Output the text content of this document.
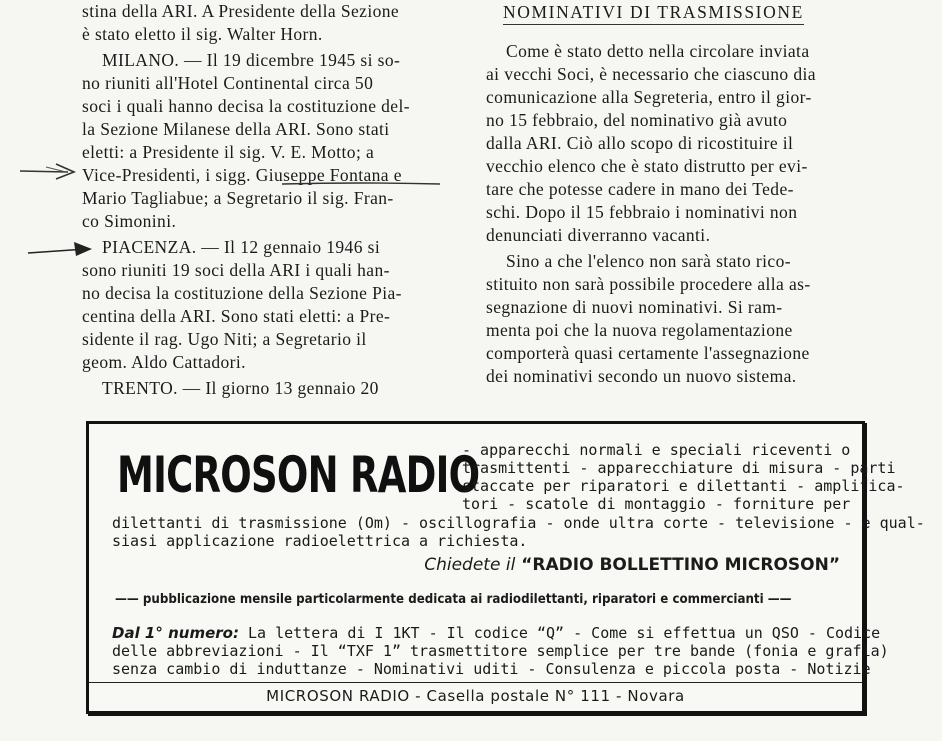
stina della ARI. A Presidente della Sezione
è stato eletto il sig. Walter Horn.
MILANO. — Il 19 dicembre 1945 si so-
no riuniti all'Hotel Continental circa 50
soci i quali hanno decisa la costituzione del-
la Sezione Milanese della ARI. Sono stati
eletti: a Presidente il sig. V. E. Motto; a
Vice-Presidenti, i sigg. Giuseppe Fontana e
Mario Tagliabue; a Segretario il sig. Fran-
co Simonini.
PIACENZA. — Il 12 gennaio 1946 si
sono riuniti 19 soci della ARI i quali han-
no decisa la costituzione della Sezione Pia-
centina della ARI. Sono stati eletti: a Pre-
sidente il rag. Ugo Niti; a Segretario il
geom. Aldo Cattadori.
TRENTO. — Il giorno 13 gennaio 20
NOMINATIVI DI TRASMISSIONE
Come è stato detto nella circolare inviata
ai vecchi Soci, è necessario che ciascuno dia
comunicazione alla Segreteria, entro il gior-
no 15 febbraio, del nominativo già avuto
dalla ARI. Ciò allo scopo di ricostituire il
vecchio elenco che è stato distrutto per evi-
tare che potesse cadere in mano dei Tede-
schi. Dopo il 15 febbraio i nominativi non
denunciati diverranno vacanti.
Sino a che l'elenco non sarà stato rico-
stituito non sarà possibile procedere alla as-
segnazione di nuovi nominativi. Si ram-
menta poi che la nuova regolamentazione
comporterà quasi certamente l'assegnazione
dei nominativi secondo un nuovo sistema.
MICROSON RADIO
- apparecchi normali e speciali riceventi o
trasmittenti - apparecchiature di misura - parti
staccate per riparatori e dilettanti - amplifica-
tori - scatole di montaggio - forniture per
dilettanti di trasmissione (Om) - oscillografia - onde ultra corte - televisione - e qual-
siasi applicazione radioelettrica a richiesta.
Chiedete il “RADIO BOLLETTINO MICROSON”
—— pubblicazione mensile particolarmente dedicata ai radiodilettanti, riparatori e commercianti ——
Dal 1° numero: La lettera di I 1KT - Il codice “Q” - Come si effettua un QSO - Codice
delle abbreviazioni - Il “TXF 1” trasmettitore semplice per tre bande (fonia e grafia)
senza cambio di induttanze - Nominativi uditi - Consulenza e piccola posta - Notizie
MICROSON RADIO - Casella postale N° 111 - Novara
